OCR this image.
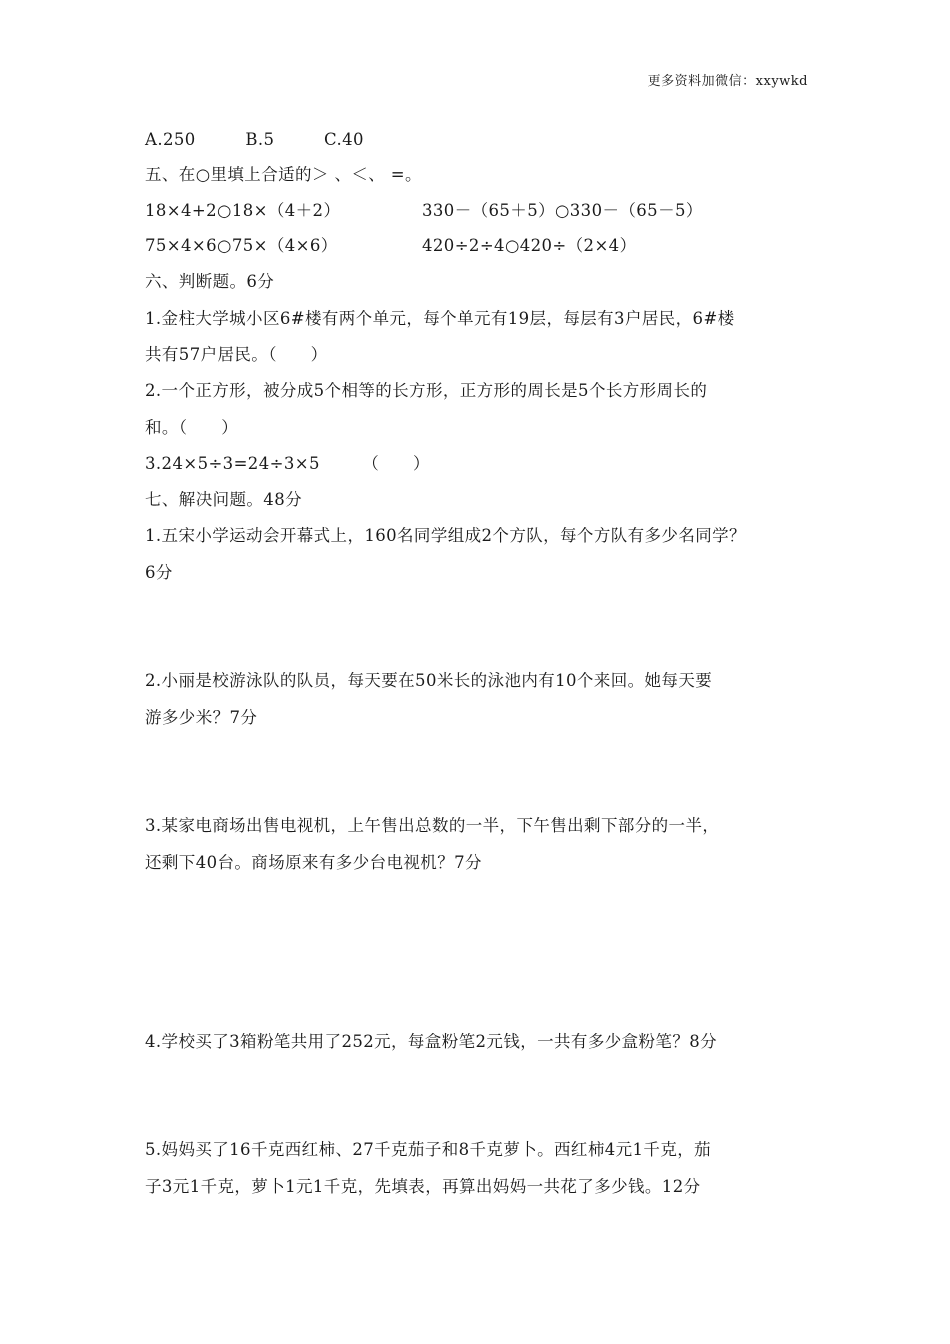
更多资料加微信：xxywkd
A.250	B.5	C.40
五、在○里填上合适的＞ 、＜、 =。
18×4+2○18×（4＋2）	330－（65＋5）○330－（65－5）
75×4×6○75×（4×6）	420÷2÷4○420÷（2×4）
六、判断题。6分
1.金柱大学城小区6#楼有两个单元，每个单元有19层，每层有3户居民，6#楼
共有57户居民。（　　）
2.一个正方形，被分成5个相等的长方形，正方形的周长是5个长方形周长的
和。（　　）
3.24×5÷3=24÷3×5　　　（　　）
七、解决问题。48分
1.五宋小学运动会开幕式上，160名同学组成2个方队，每个方队有多少名同学？
6分
2.小丽是校游泳队的队员，每天要在50米长的泳池内有10个来回。她每天要
游多少米？7分
3.某家电商场出售电视机，上午售出总数的一半，下午售出剩下部分的一半，
还剩下40台。商场原来有多少台电视机？7分
4.学校买了3箱粉笔共用了252元，每盒粉笔2元钱，一共有多少盒粉笔？8分
5.妈妈买了16千克西红柿、27千克茄子和8千克萝卜。西红柿4元1千克，茄
子3元1千克，萝卜1元1千克，先填表，再算出妈妈一共花了多少钱。12分
